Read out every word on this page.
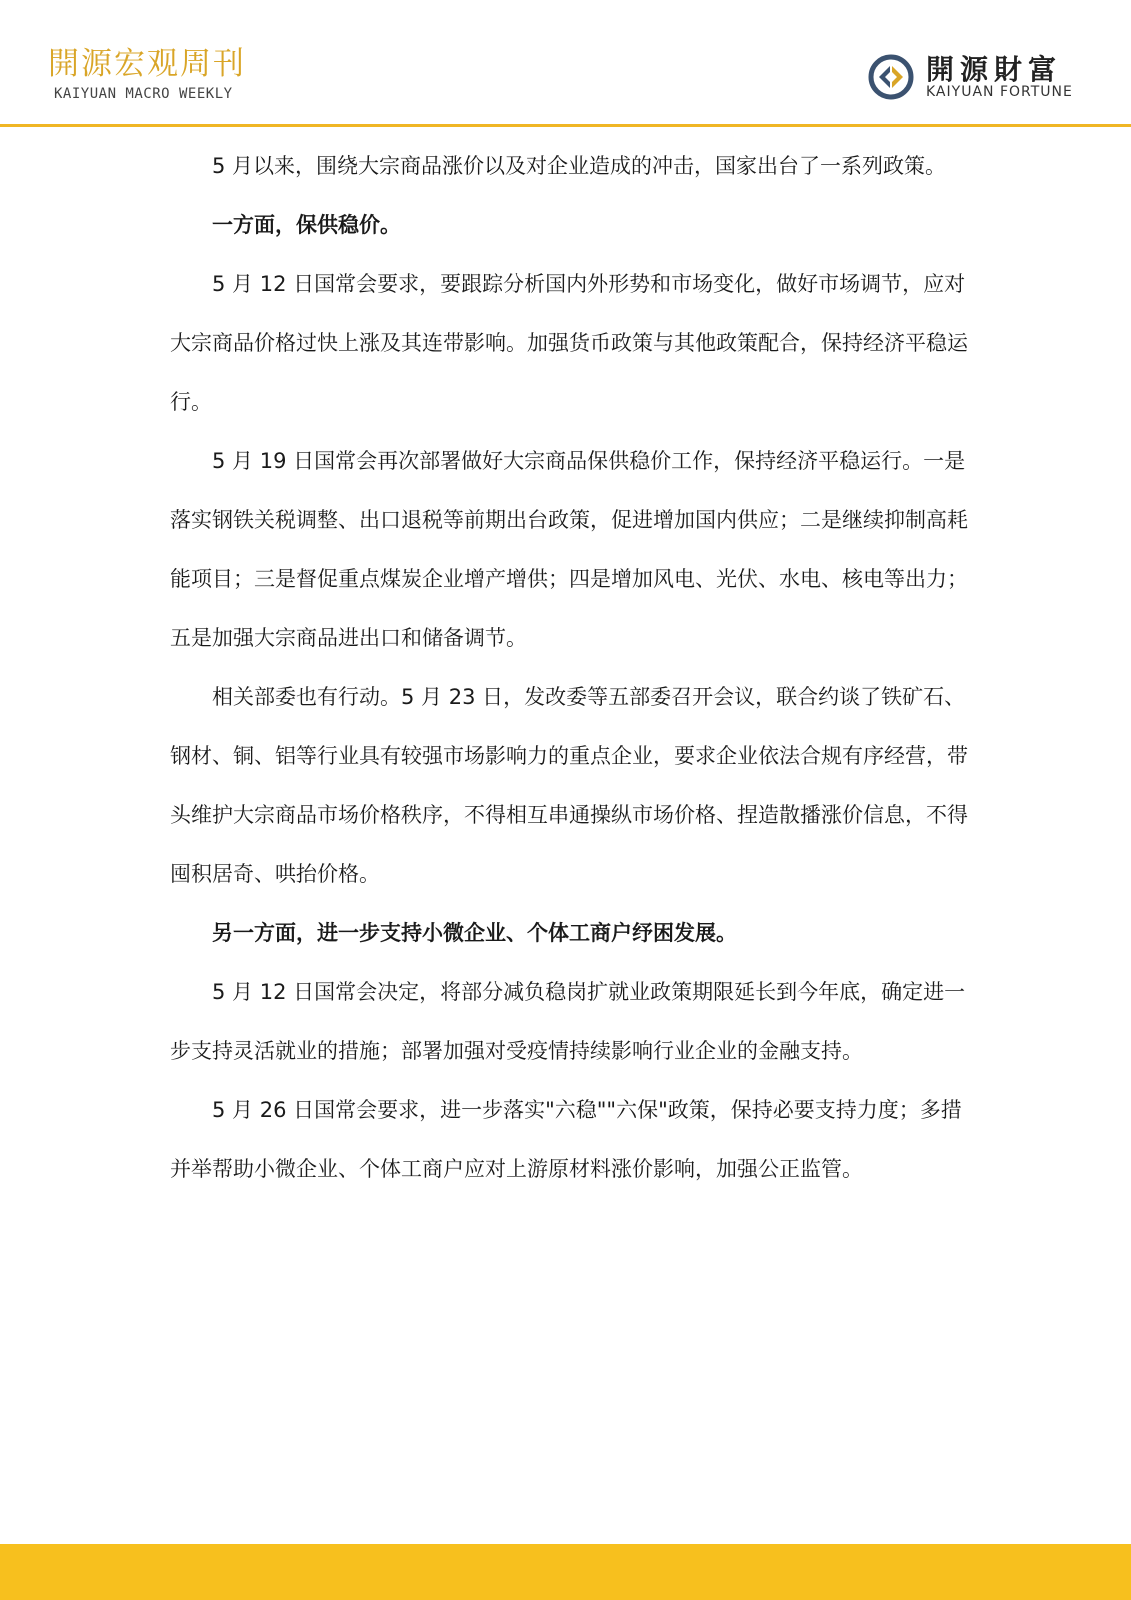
開源宏观周刊
KAIYUAN MACRO WEEKLY
開源財富
KAIYUAN FORTUNE

5 月以来，围绕大宗商品涨价以及对企业造成的冲击，国家出台了一系列政策。

一方面，保供稳价。

5 月 12 日国常会要求，要跟踪分析国内外形势和市场变化，做好市场调节，应对大宗商品价格过快上涨及其连带影响。加强货币政策与其他政策配合，保持经济平稳运行。

5 月 19 日国常会再次部署做好大宗商品保供稳价工作，保持经济平稳运行。一是落实钢铁关税调整、出口退税等前期出台政策，促进增加国内供应；二是继续抑制高耗能项目；三是督促重点煤炭企业增产增供；四是增加风电、光伏、水电、核电等出力；五是加强大宗商品进出口和储备调节。

相关部委也有行动。5 月 23 日，发改委等五部委召开会议，联合约谈了铁矿石、钢材、铜、铝等行业具有较强市场影响力的重点企业，要求企业依法合规有序经营，带头维护大宗商品市场价格秩序，不得相互串通操纵市场价格、捏造散播涨价信息，不得囤积居奇、哄抬价格。

另一方面，进一步支持小微企业、个体工商户纾困发展。

5 月 12 日国常会决定，将部分减负稳岗扩就业政策期限延长到今年底，确定进一步支持灵活就业的措施；部署加强对受疫情持续影响行业企业的金融支持。

5 月 26 日国常会要求，进一步落实"六稳""六保"政策，保持必要支持力度；多措并举帮助小微企业、个体工商户应对上游原材料涨价影响，加强公正监管。
